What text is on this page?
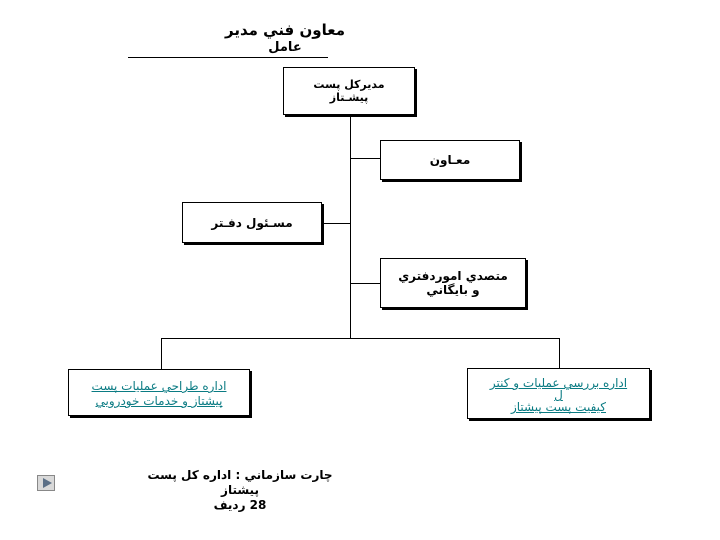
معاون فني مدير
عامل
مديركل پست
پيشـتاز
معـاون
مسـئول دفـتر
متصدي اموردفتري
و بايگاني
اداره طراحي عمليات پست
پيشتاز و خدمات خودرويي
اداره بررسي عمليات و كنتر
ل
كيفيت پست پيشتاز
چارت سازماني : اداره كل پست پيشتاز
28 رديف
